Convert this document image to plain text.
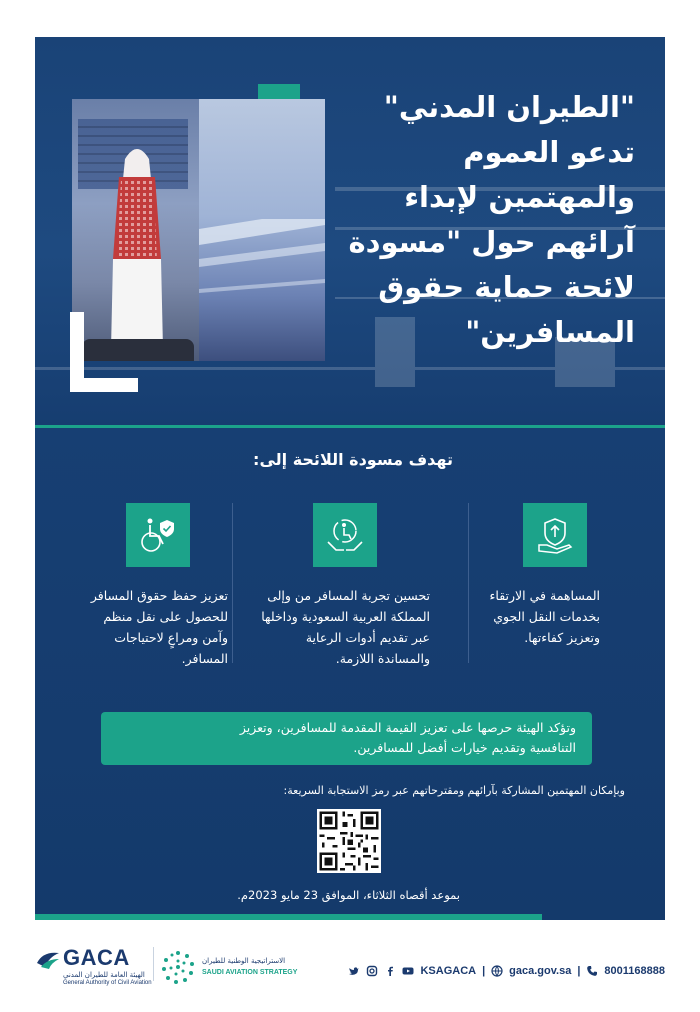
"الطيران المدني" تدعو العموم والمهتمين لإبداء آرائهم حول "مسودة لائحة حماية حقوق المسافرين"

تهدف مسودة اللائحة إلى:

المساهمة في الارتقاء بخدمات النقل الجوي وتعزيز كفاءتها.
تحسين تجربة المسافر من وإلى المملكة العربية السعودية وداخلها عبر تقديم أدوات الرعاية والمساندة اللازمة.
تعزيز حفظ حقوق المسافر للحصول على نقل منظم وآمن ومراعٍ لاحتياجات المسافر.
وتؤكد الهيئة حرصها على تعزيز القيمة المقدمة للمسافرين، وتعزيز
التنافسية وتقديم خيارات أفضل للمسافرين.

وبإمكان المهتمين المشاركة بآرائهم ومقترحاتهم عبر رمز الاستجابة السريعة:

بموعد أقصاه الثلاثاء، الموافق 23 مايو 2023م.

GACA
الهيئة العامة للطيران المدني
General Authority of Civil Aviation
الاستراتيجية الوطنية للطيران
SAUDI AVIATION STRATEGY	KSAGACA | gaca.gov.sa | 8001168888
